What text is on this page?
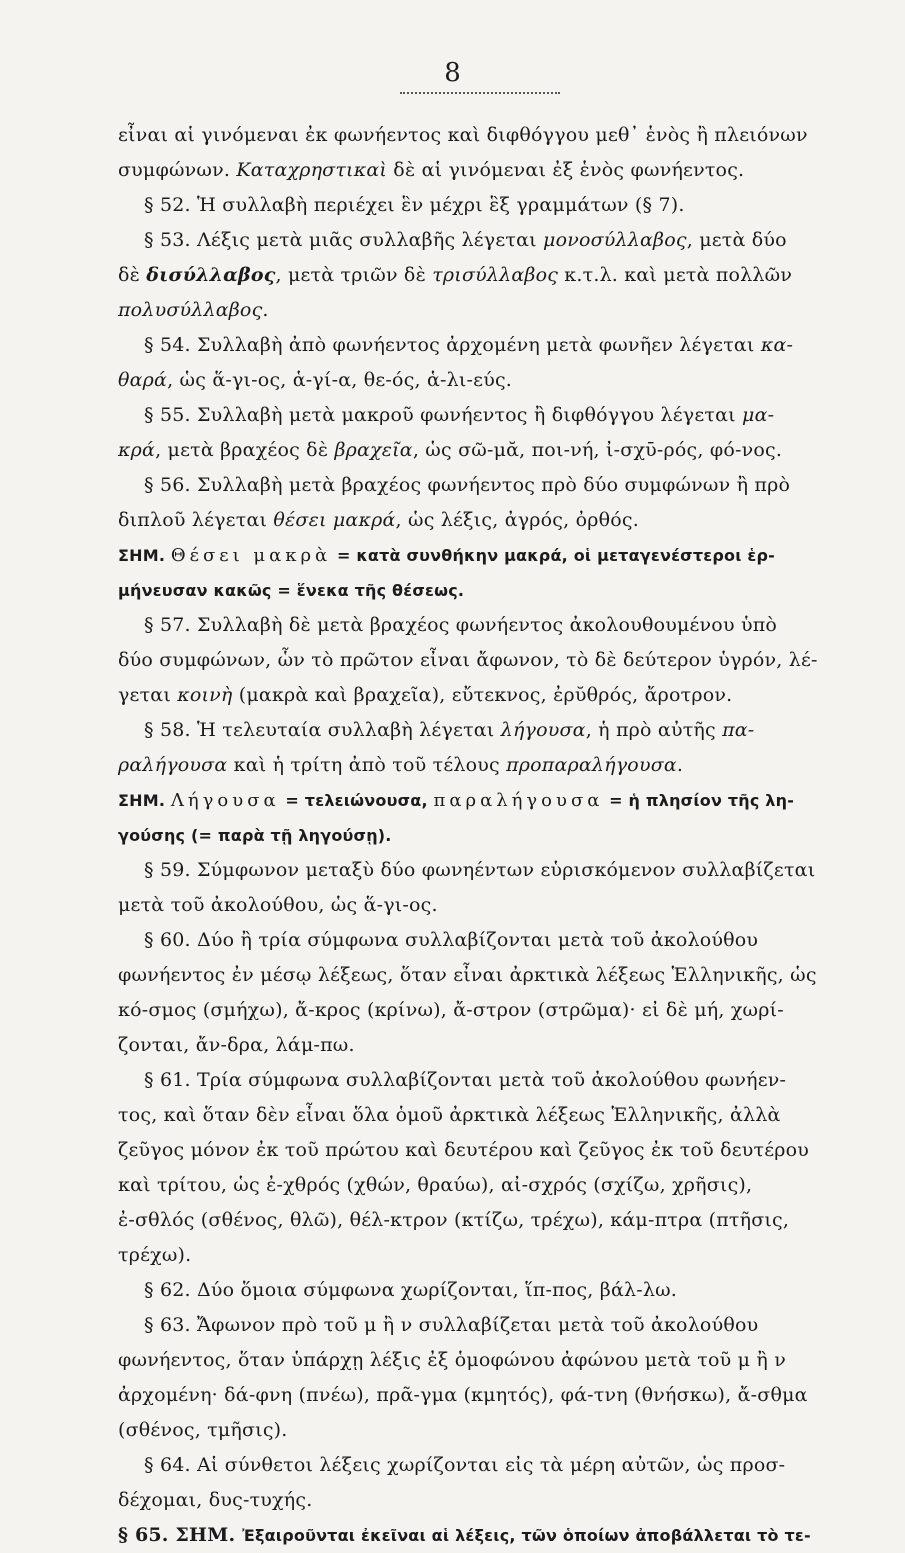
8
εἶναι αἱ γινόμεναι ἐκ φωνήεντος καὶ διφθόγγου μεθ᾿ ἑνὸς ἢ πλειόνων
συμφώνων. Καταχρηστικαὶ δὲ αἱ γινόμεναι ἐξ ἑνὸς φωνήεντος.
§ 52. Ἡ συλλαβὴ περιέχει ἓν μέχρι ἓξ γραμμάτων (§ 7).
§ 53. Λέξις μετὰ μιᾶς συλλαβῆς λέγεται μονοσύλλαβος, μετὰ δύο
δὲ δισύλλαβος, μετὰ τριῶν δὲ τρισύλλαβος κ.τ.λ. καὶ μετὰ πολλῶν
πολυσύλλαβος.
§ 54. Συλλαβὴ ἀπὸ φωνήεντος ἀρχομένη μετὰ φωνῆεν λέγεται κα-
θαρά, ὡς ἅ-γι-ος, ἁ-γί-α, θε-ός, ἁ-λι-εύς.
§ 55. Συλλαβὴ μετὰ μακροῦ φωνήεντος ἢ διφθόγγου λέγεται μα-
κρά, μετὰ βραχέος δὲ βραχεῖα, ὡς σῶ-μᾰ, ποι-νή, ἰ-σχῡ-ρός, φό-νος.
§ 56. Συλλαβὴ μετὰ βραχέος φωνήεντος πρὸ δύο συμφώνων ἢ πρὸ
διπλοῦ λέγεται θέσει μακρά, ὡς λέξις, ἀγρός, ὀρθός.
ΣΗΜ. Θέσει μακρὰ = κατὰ συνθήκην μακρά, οἱ μεταγενέστεροι ἑρ-
μήνευσαν κακῶς = ἕνεκα τῆς θέσεως.
§ 57. Συλλαβὴ δὲ μετὰ βραχέος φωνήεντος ἀκολουθουμένου ὑπὸ
δύο συμφώνων, ὧν τὸ πρῶτον εἶναι ἄφωνον, τὸ δὲ δεύτερον ὑγρόν, λέ-
γεται κοινὴ (μακρὰ καὶ βραχεῖα), εὔτεκνος, ἐρῠθρός, ἄροτρον.
§ 58. Ἡ τελευταία συλλαβὴ λέγεται λήγουσα, ἡ πρὸ αὐτῆς πα-
ραλήγουσα καὶ ἡ τρίτη ἀπὸ τοῦ τέλους προπαραλήγουσα.
ΣΗΜ. Λήγουσα = τελειώνουσα, παραλήγουσα = ἡ πλησίον τῆς λη-
γούσης (= παρὰ τῇ ληγούσῃ).
§ 59. Σύμφωνον μεταξὺ δύο φωνηέντων εὑρισκόμενον συλλαβίζεται
μετὰ τοῦ ἀκολούθου, ὡς ἅ-γι-ος.
§ 60. Δύο ἢ τρία σύμφωνα συλλαβίζονται μετὰ τοῦ ἀκολούθου
φωνήεντος ἐν μέσῳ λέξεως, ὅταν εἶναι ἀρκτικὰ λέξεως Ἑλληνικῆς, ὡς
κό-σμος (σμήχω), ἄ-κρος (κρίνω), ἄ-στρον (στρῶμα)· εἰ δὲ μή, χωρί-
ζονται, ἄν-δρα, λάμ-πω.
§ 61. Τρία σύμφωνα συλλαβίζονται μετὰ τοῦ ἀκολούθου φωνήεν-
τος, καὶ ὅταν δὲν εἶναι ὅλα ὁμοῦ ἀρκτικὰ λέξεως Ἑλληνικῆς, ἀλλὰ
ζεῦγος μόνον ἐκ τοῦ πρώτου καὶ δευτέρου καὶ ζεῦγος ἐκ τοῦ δευτέρου
καὶ τρίτου, ὡς ἐ-χθρός (χθών, θραύω), αἰ-σχρός (σχίζω, χρῆσις),
ἐ-σθλός (σθένος, θλῶ), θέλ-κτρον (κτίζω, τρέχω), κάμ-πτρα (πτῆσις,
τρέχω).
§ 62. Δύο ὅμοια σύμφωνα χωρίζονται, ἵπ-πος, βάλ-λω.
§ 63. Ἄφωνον πρὸ τοῦ μ ἢ ν συλλαβίζεται μετὰ τοῦ ἀκολούθου
φωνήεντος, ὅταν ὑπάρχῃ λέξις ἐξ ὁμοφώνου ἀφώνου μετὰ τοῦ μ ἢ ν
ἀρχομένη· δά-φνη (πνέω), πρᾶ-γμα (κμητός), φά-τνη (θνήσκω), ἄ-σθμα
(σθένος, τμῆσις).
§ 64. Αἱ σύνθετοι λέξεις χωρίζονται εἰς τὰ μέρη αὐτῶν, ὡς προσ-
δέχομαι, δυς-τυχής.
§ 65. ΣΗΜ. Ἐξαιροῦνται ἐκεῖναι αἱ λέξεις, τῶν ὁποίων ἀποβάλλεται τὸ τε-
